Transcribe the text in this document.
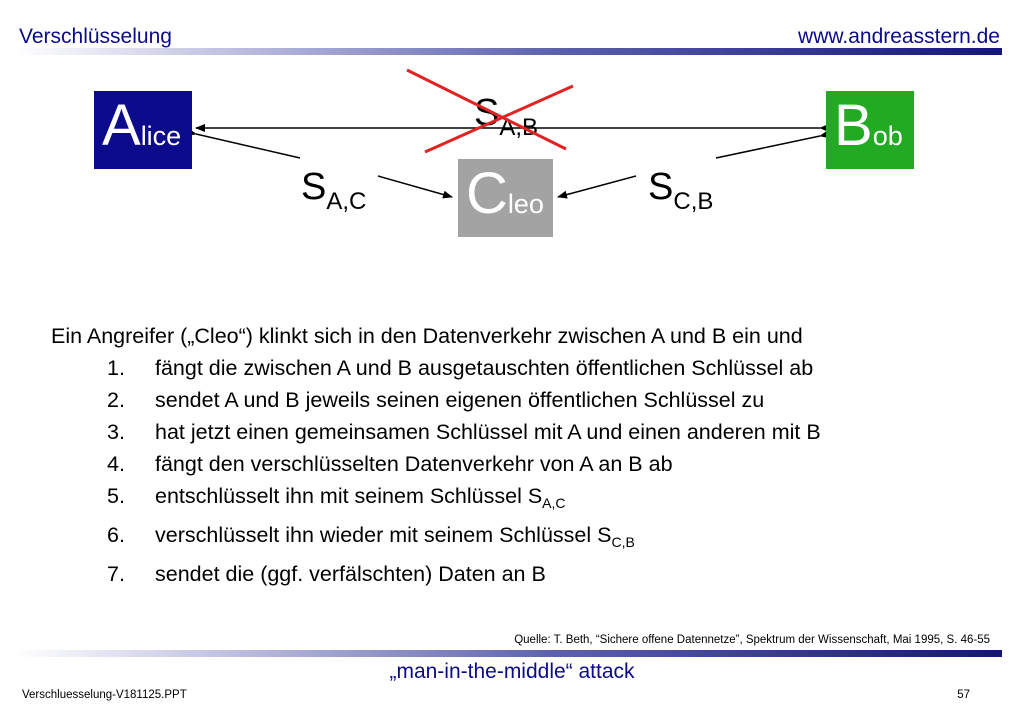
Verschlüsselung	www.andreasstern.de
Alice	Bob
Cleo
$S_{A,B}$
$S_{A,C}$	$S_{C,B}$

Ein Angreifer („Cleo“) klinkt sich in den Datenverkehr zwischen A und B ein und

1. fängt die zwischen A und B ausgetauschten öffentlichen Schlüssel ab
2. sendet A und B jeweils seinen eigenen öffentlichen Schlüssel zu
3. hat jetzt einen gemeinsamen Schlüssel mit A und einen anderen mit B
4. fängt den verschlüsselten Datenverkehr von A an B ab
5. entschlüsselt ihn mit seinem Schlüssel $S_{A,C}$
6. verschlüsselt ihn wieder mit seinem Schlüssel $S_{C,B}$
7. sendet die (ggf. verfälschten) Daten an B
Quelle: T. Beth, “Sichere offene Datennetze”, Spektrum der Wissenschaft, Mai 1995, S. 46-55
„man-in-the-middle“ attack
Verschluesselung-V181125.PPT	57
